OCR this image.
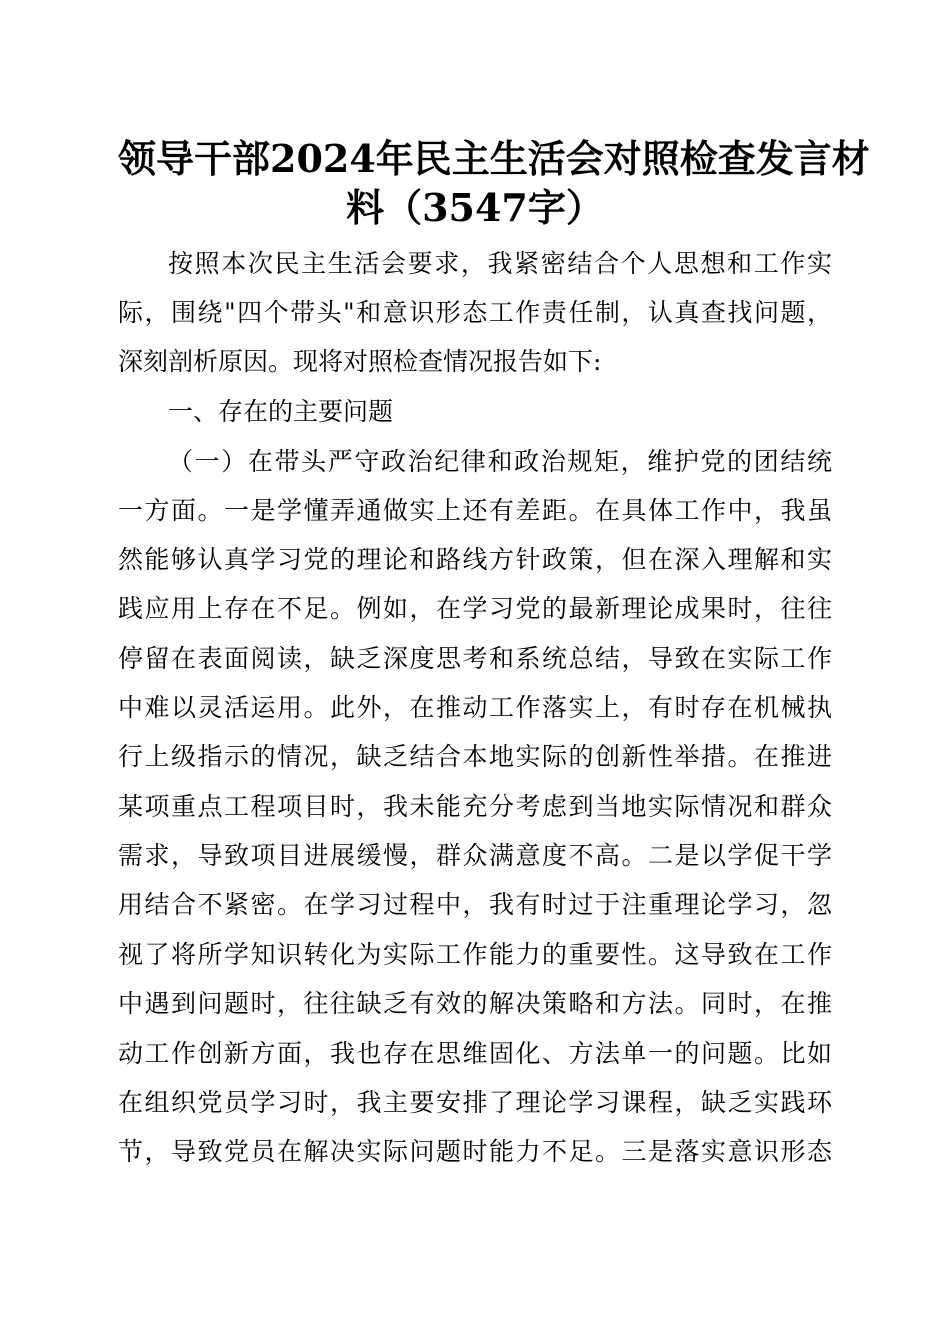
领导干部2024年民主生活会对照检查发言材
料（3547字）

按照本次民主生活会要求，我紧密结合个人思想和工作实

际，围绕"四个带头"和意识形态工作责任制，认真查找问题，

深刻剖析原因。现将对照检查情况报告如下:

一、存在的主要问题

（一）在带头严守政治纪律和政治规矩，维护党的团结统

一方面。一是学懂弄通做实上还有差距。在具体工作中，我虽

然能够认真学习党的理论和路线方针政策，但在深入理解和实

践应用上存在不足。例如，在学习党的最新理论成果时，往往

停留在表面阅读，缺乏深度思考和系统总结，导致在实际工作

中难以灵活运用。此外，在推动工作落实上，有时存在机械执

行上级指示的情况，缺乏结合本地实际的创新性举措。在推进

某项重点工程项目时，我未能充分考虑到当地实际情况和群众

需求，导致项目进展缓慢，群众满意度不高。二是以学促干学

用结合不紧密。在学习过程中，我有时过于注重理论学习，忽

视了将所学知识转化为实际工作能力的重要性。这导致在工作

中遇到问题时，往往缺乏有效的解决策略和方法。同时，在推

动工作创新方面，我也存在思维固化、方法单一的问题。比如

在组织党员学习时，我主要安排了理论学习课程，缺乏实践环

节，导致党员在解决实际问题时能力不足。三是落实意识形态
